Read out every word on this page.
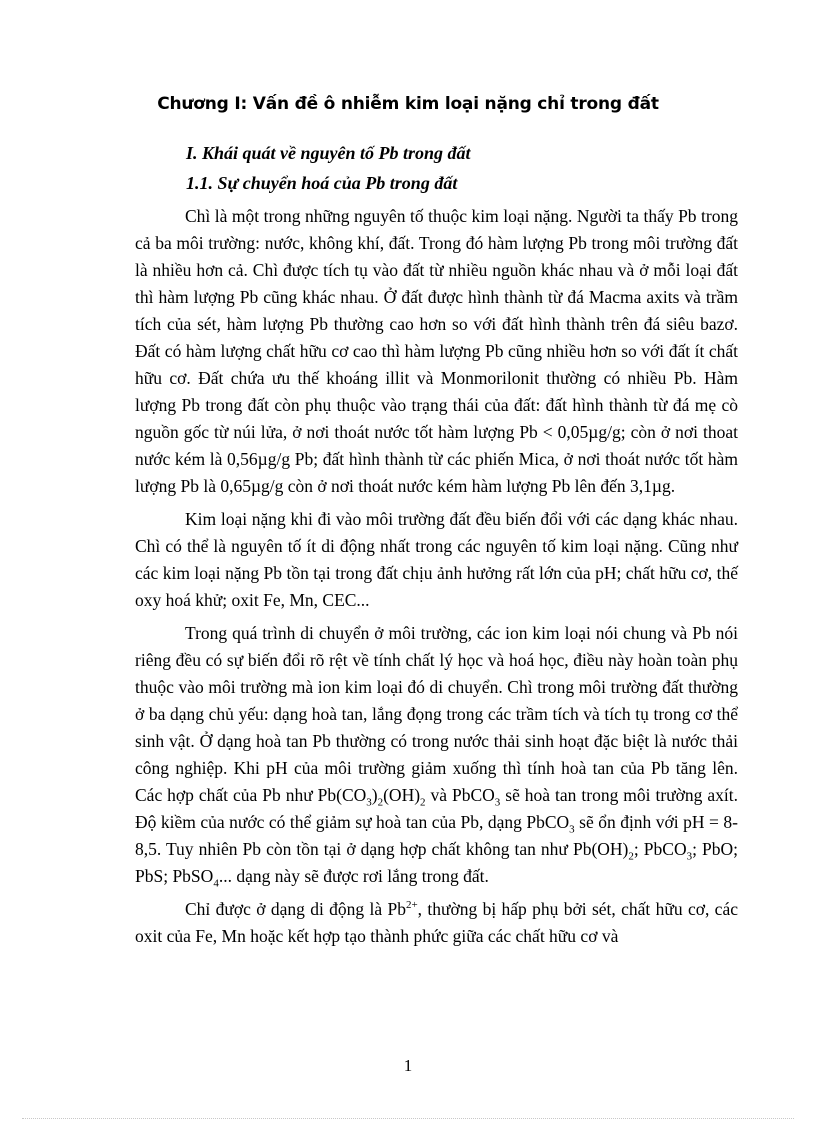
Chương I: Vấn đề ô nhiễm kim loại nặng chỉ trong đất
I. Khái quát về nguyên tố Pb trong đất
1.1. Sự chuyển hoá của Pb trong đất

Chì là một trong những nguyên tố thuộc kim loại nặng. Người ta thấy Pb trong cả ba môi trường: nước, không khí, đất. Trong đó hàm lượng Pb trong môi trường đất là nhiều hơn cả. Chì được tích tụ vào đất từ nhiều nguồn khác nhau và ở mỗi loại đất thì hàm lượng Pb cũng khác nhau. Ở đất được hình thành từ đá Macma axits và trầm tích của sét, hàm lượng Pb thường cao hơn so với đất hình thành trên đá siêu bazơ. Đất có hàm lượng chất hữu cơ cao thì hàm lượng Pb cũng nhiều hơn so với đất ít chất hữu cơ. Đất chứa ưu thế khoáng illit và Monmorilonit thường có nhiều Pb. Hàm lượng Pb trong đất còn phụ thuộc vào trạng thái của đất: đất hình thành từ đá mẹ cò nguồn gốc từ núi lửa, ở nơi thoát nước tốt hàm lượng Pb < 0,05µg/g; còn ở nơi thoat nước kém là 0,56µg/g Pb; đất hình thành từ các phiến Mica, ở nơi thoát nước tốt hàm lượng Pb là 0,65µg/g còn ở nơi thoát nước kém hàm lượng Pb lên đến 3,1µg.

Kim loại nặng khi đi vào môi trường đất đều biến đổi với các dạng khác nhau. Chì có thể là nguyên tố ít di động nhất trong các nguyên tố kim loại nặng. Cũng như các kim loại nặng Pb tồn tại trong đất chịu ảnh hưởng rất lớn của pH; chất hữu cơ, thế oxy hoá khử; oxit Fe, Mn, CEC...

Trong quá trình di chuyển ở môi trường, các ion kim loại nói chung và Pb nói riêng đều có sự biến đổi rõ rệt về tính chất lý học và hoá học, điều này hoàn toàn phụ thuộc vào môi trường mà ion kim loại đó di chuyển. Chì trong môi trường đất thường ở ba dạng chủ yếu: dạng hoà tan, lắng đọng trong các trầm tích và tích tụ trong cơ thể sinh vật. Ở dạng hoà tan Pb thường có trong nước thải sinh hoạt đặc biệt là nước thải công nghiệp. Khi pH của môi trường giảm xuống thì tính hoà tan của Pb tăng lên. Các hợp chất của Pb như $Pb(CO_3)_2(OH)_2$ và PbCO$_3$ sẽ hoà tan trong môi trường axít. Độ kiềm của nước có thể giảm sự hoà tan của Pb, dạng PbCO$_3$ sẽ ổn định với pH = 8-8,5. Tuy nhiên Pb còn tồn tại ở dạng hợp chất không tan như $Pb(OH)_2$; PbCO$_3$; PbO; PbS; PbSO$_4$... dạng này sẽ được rơi lắng trong đất.

Chỉ được ở dạng di động là $Pb^{2+}$, thường bị hấp phụ bởi sét, chất hữu cơ, các oxit của Fe, Mn hoặc kết hợp tạo thành phức giữa các chất hữu cơ và

1
